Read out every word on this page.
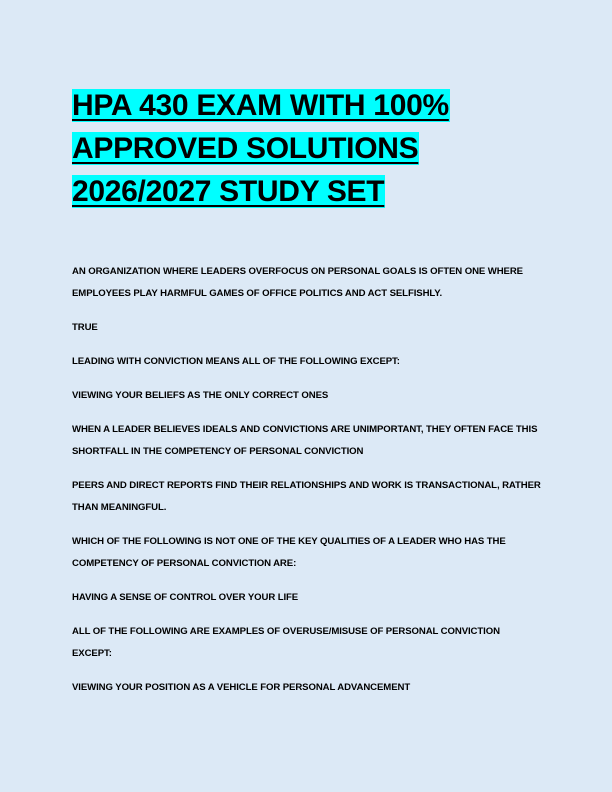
HPA 430 EXAM WITH 100% APPROVED SOLUTIONS 2026/2027 STUDY SET

AN ORGANIZATION WHERE LEADERS OVERFOCUS ON PERSONAL GOALS IS OFTEN ONE WHERE EMPLOYEES PLAY HARMFUL GAMES OF OFFICE POLITICS AND ACT SELFISHLY.

TRUE

LEADING WITH CONVICTION MEANS ALL OF THE FOLLOWING EXCEPT:

VIEWING YOUR BELIEFS AS THE ONLY CORRECT ONES

WHEN A LEADER BELIEVES IDEALS AND CONVICTIONS ARE UNIMPORTANT, THEY OFTEN FACE THIS SHORTFALL IN THE COMPETENCY OF PERSONAL CONVICTION

PEERS AND DIRECT REPORTS FIND THEIR RELATIONSHIPS AND WORK IS TRANSACTIONAL, RATHER THAN MEANINGFUL.

WHICH OF THE FOLLOWING IS NOT ONE OF THE KEY QUALITIES OF A LEADER WHO HAS THE COMPETENCY OF PERSONAL CONVICTION ARE:

HAVING A SENSE OF CONTROL OVER YOUR LIFE

ALL OF THE FOLLOWING ARE EXAMPLES OF OVERUSE/MISUSE OF PERSONAL CONVICTION EXCEPT:

VIEWING YOUR POSITION AS A VEHICLE FOR PERSONAL ADVANCEMENT
